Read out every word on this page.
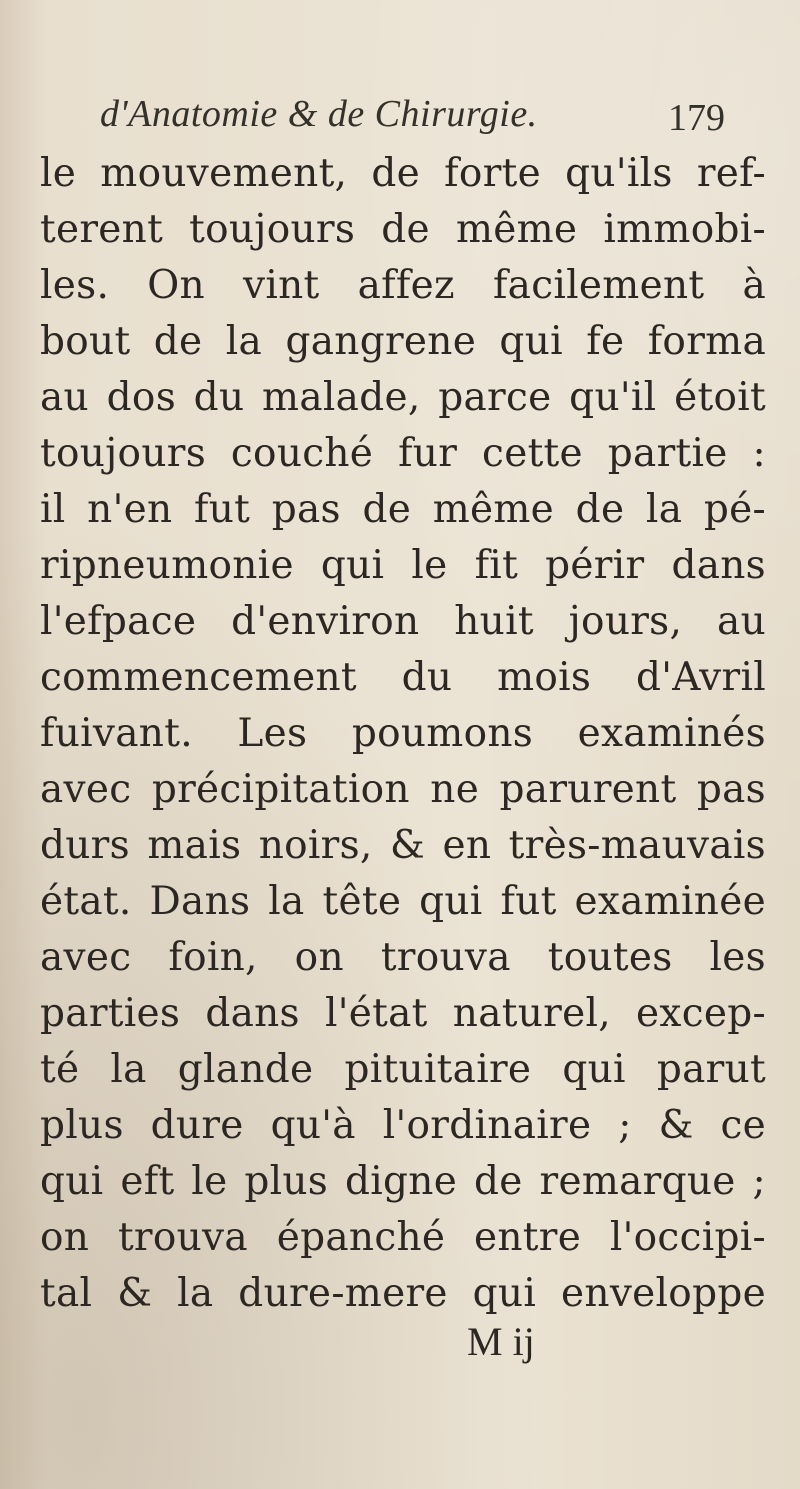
d'Anatomie & de Chirurgie.	179
le mouvement, de forte qu'ils ref-
terent toujours de même immobi-
les. On vint affez facilement à
bout de la gangrene qui fe forma
au dos du malade, parce qu'il étoit
toujours couché fur cette partie :
il n'en fut pas de même de la pé-
ripneumonie qui le fit périr dans
l'efpace d'environ huit jours, au
commencement du mois d'Avril
fuivant. Les poumons examinés
avec précipitation ne parurent pas
durs mais noirs, & en très-mauvais
état. Dans la tête qui fut examinée
avec foin, on trouva toutes les
parties dans l'état naturel, excep-
té la glande pituitaire qui parut
plus dure qu'à l'ordinaire ; & ce
qui eft le plus digne de remarque ;
on trouva épanché entre l'occipi-
tal & la dure-mere qui enveloppe
M ij
